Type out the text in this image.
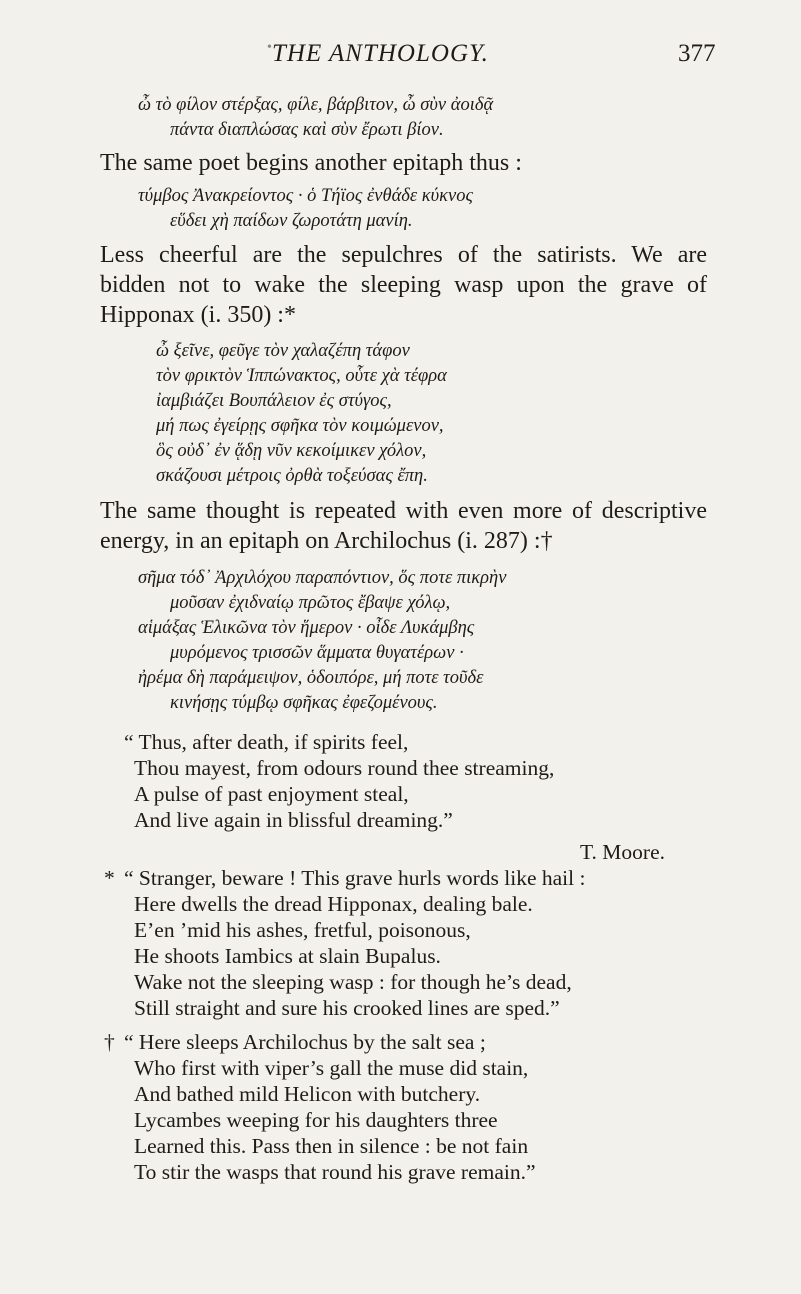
• THE ANTHOLOGY.	377
ὦ τὸ φίλον στέρξας, φίλε, βάρβιτον, ὦ σὺν ἀοιδᾷ
πάντα διαπλώσας καὶ σὺν ἔρωτι βίον.
The same poet begins another epitaph thus :
τύμβος Ἀνακρείοντος · ὁ Τήϊος ἐνθάδε κύκνος
εὕδει χὴ παίδων ζωροτάτη μανίη.
Less cheerful are the sepulchres of the satirists. We are
bidden not to wake the sleeping wasp upon the grave of
Hipponax (i. 350) :*
ὦ ξεῖνε, φεῦγε τὸν χαλαζέπη τάφον
τὸν φρικτὸν Ἱππώνακτος, οὗτε χὰ τέφρα
ἰαμβιάζει Βουπάλειον ἐς στύγος,
μή πως ἐγείρῃς σφῆκα τὸν κοιμώμενον,
ὃς οὐδ᾽ ἐν ᾅδῃ νῦν κεκοίμικεν χόλον,
σκάζουσι μέτροις ὀρθὰ τοξεύσας ἔπη.
The same thought is repeated with even more of descriptive
energy, in an epitaph on Archilochus (i. 287) :†
σῆμα τόδ᾽ Ἀρχιλόχου παραπόντιον, ὅς ποτε πικρὴν
μοῦσαν ἐχιδναίῳ πρῶτος ἔβαψε χόλῳ,
αἱμάξας Ἑλικῶνα τὸν ἥμερον · οἶδε Λυκάμβης
μυρόμενος τρισσῶν ἅμματα θυγατέρων ·
ἠρέμα δὴ παράμειψον, ὁδοιπόρε, μή ποτε τοῦδε
κινήσῃς τύμβῳ σφῆκας ἐφεζομένους.
“ Thus, after death, if spirits feel,
Thou mayest, from odours round thee streaming,
A pulse of past enjoyment steal,
And live again in blissful dreaming.”
T. Moore.
* “ Stranger, beware ! This grave hurls words like hail :
Here dwells the dread Hipponax, dealing bale.
E’en ’mid his ashes, fretful, poisonous,
He shoots Iambics at slain Bupalus.
Wake not the sleeping wasp : for though he’s dead,
Still straight and sure his crooked lines are sped.”
† “ Here sleeps Archilochus by the salt sea ;
Who first with viper’s gall the muse did stain,
And bathed mild Helicon with butchery.
Lycambes weeping for his daughters three
Learned this. Pass then in silence : be not fain
To stir the wasps that round his grave remain.”
